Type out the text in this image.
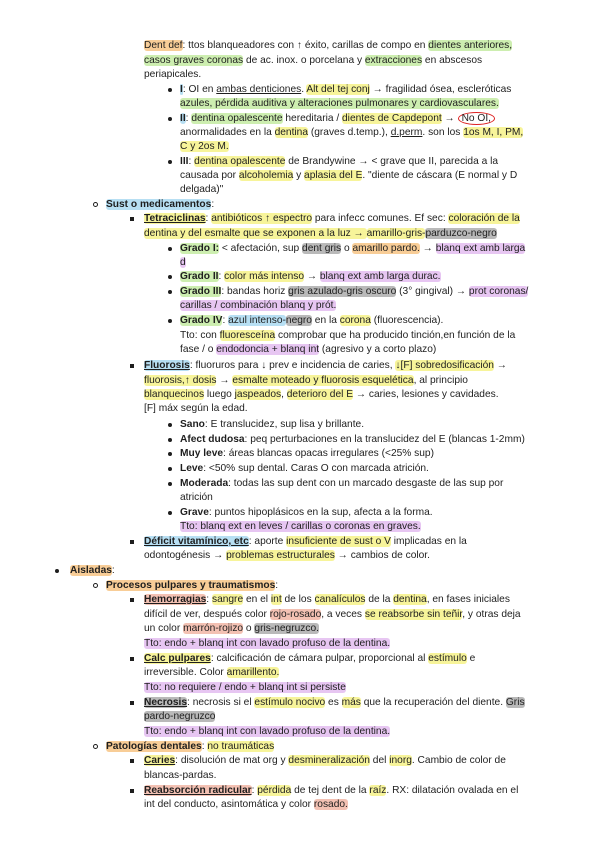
Dent def: ttos blanqueadores con ↑ éxito, carillas de compo en dientes anteriores,
casos graves coronas de ac. inox. o porcelana y extracciones en abscesos
periapicales.
I: OI en ambas denticiones. Alt del tej conj → fragilidad ósea, escleróticas
azules, pérdida auditiva y alteraciones pulmonares y cardiovasculares.
II: dentina opalescente hereditaria / dientes de Capdepont → No OI,
anormalidades en la dentina (graves d.temp.), d.perm. son los 1os M, I, PM,
C y 2os M.
III: dentina opalescente de Brandywine → < grave que II, parecida a la
causada por alcoholemia y aplasia del E. "diente de cáscara (E normal y D
delgada)"
Sust o medicamentos:
Tetraciclinas: antibióticos ↑ espectro para infecc comunes. Ef sec: coloración de la
dentina y del esmalte que se exponen a la luz → amarillo-gris-parduzco-negro
Grado I: < afectación, sup dent gris o amarillo pardo. → blanq ext amb larga
d
Grado II: color más intenso → blanq ext amb larga durac.
Grado III: bandas horiz gris azulado-gris oscuro (3° gingival) → prot coronas/
carillas / combinación blanq y prót.
Grado IV: azul intenso-negro en la corona (fluorescencia).
Tto: con fluoresceína comprobar que ha producido tinción,en función de la
fase / o endodoncia + blanq int (agresivo y a corto plazo)
Fluorosis: fluoruros para ↓ prev e incidencia de caries, ↓[F] sobredosificación →
fluorosis,↑ dosis → esmalte moteado y fluorosis esquelética, al principio
blanquecinos luego jaspeados, deterioro del E → caries, lesiones y cavidades.
[F] máx según la edad.
Sano: E translucidez, sup lisa y brillante.
Afect dudosa: peq perturbaciones en la translucidez del E (blancas 1-2mm)
Muy leve: áreas blancas opacas irregulares (<25% sup)
Leve: <50% sup dental. Caras O con marcada atrición.
Moderada: todas las sup dent con un marcado desgaste de las sup por
atrición
Grave: puntos hipoplásicos en la sup, afecta a la forma.
Tto: blanq ext en leves / carillas o coronas en graves.
Déficit vitamínico, etc: aporte insuficiente de sust o V implicadas en la
odontogénesis → problemas estructurales → cambios de color.
Aisladas:
Procesos pulpares y traumatismos:
Hemorragias: sangre en el int de los canalículos de la dentina, en fases iniciales
difícil de ver, después color rojo-rosado, a veces se reabsorbe sin teñir, y otras deja
un color marrón-rojizo o gris-negruzco.
Tto: endo + blanq int con lavado profuso de la dentina.
Calc pulpares: calcificación de cámara pulpar, proporcional al estímulo e
irreversible. Color amarillento.
Tto: no requiere / endo + blanq int si persiste
Necrosis: necrosis si el estímulo nocivo es más que la recuperación del diente. Gris
pardo-negruzco
Tto: endo + blanq int con lavado profuso de la dentina.
Patologías dentales: no traumáticas
Caries: disolución de mat org y desmineralización del inorg. Cambio de color de
blancas-pardas.
Reabsorción radicular: pérdida de tej dent de la raíz. RX: dilatación ovalada en el
int del conducto, asintomática y color rosado.
